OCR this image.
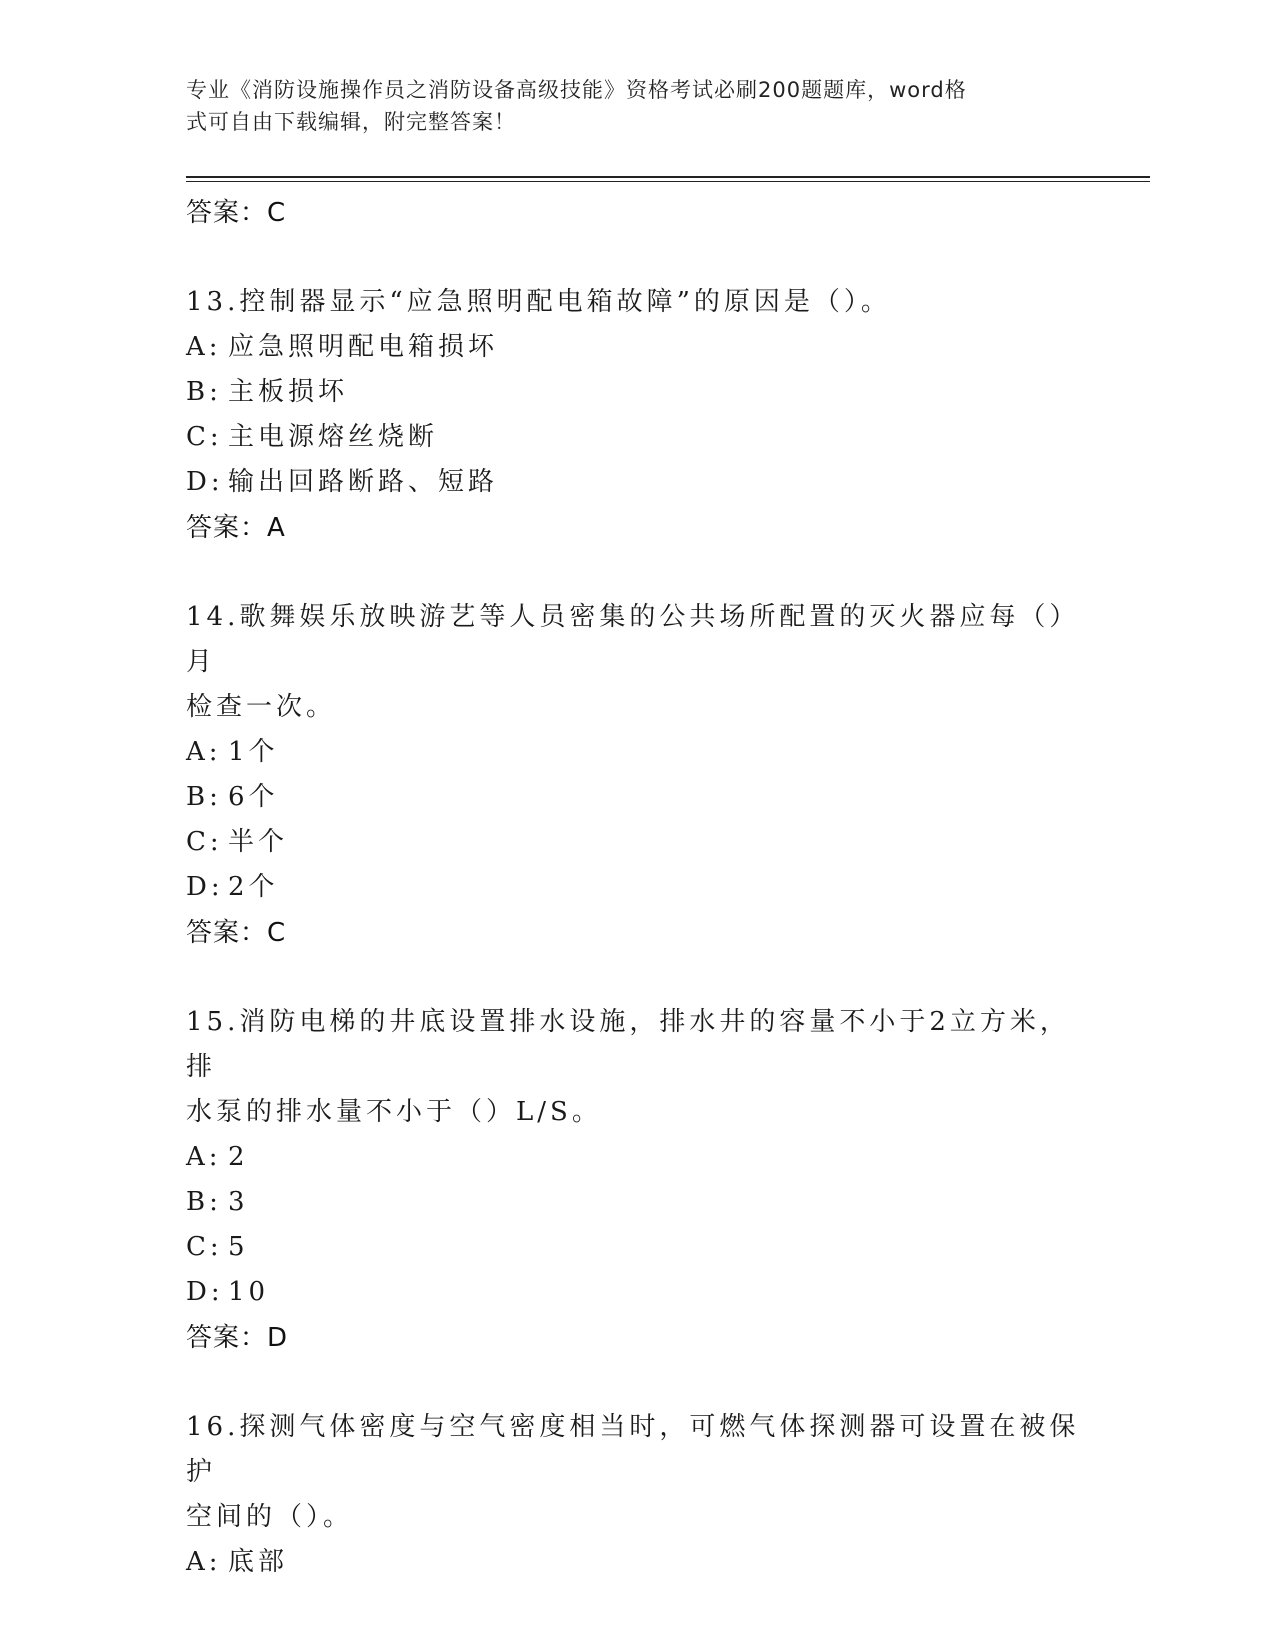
专业《消防设施操作员之消防设备高级技能》资格考试必刷200题题库，word格
式可自由下载编辑，附完整答案！
答案：C
13.控制器显示“应急照明配电箱故障”的原因是（）。
A: 应急照明配电箱损坏
B: 主板损坏
C: 主电源熔丝烧断
D: 输出回路断路、短路
答案：A
14.歌舞娱乐放映游艺等人员密集的公共场所配置的灭火器应每（）月
检查一次。
A: 1个
B: 6个
C: 半个
D: 2个
答案：C
15.消防电梯的井底设置排水设施，排水井的容量不小于2立方米，排
水泵的排水量不小于（）L/S。
A: 2
B: 3
C: 5
D: 10
答案：D
16.探测气体密度与空气密度相当时，可燃气体探测器可设置在被保护
空间的（）。
A: 底部
